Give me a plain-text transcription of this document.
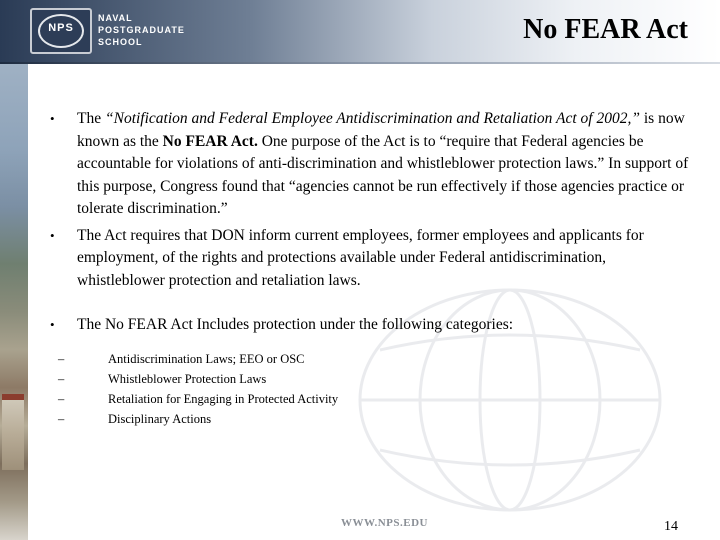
NPS
NAVAL
POSTGRADUATE
SCHOOL	No FEAR Act
• The “Notification and Federal Employee Antidiscrimination and Retaliation Act of 2002,” is now known as the No FEAR Act. One purpose of the Act is to “require that Federal agencies be accountable for violations of anti-discrimination and whistleblower protection laws.” In support of this purpose, Congress found that “agencies cannot be run effectively if those agencies practice or tolerate discrimination.”
• The Act requires that DON inform current employees, former employees and applicants for employment, of the rights and protections available under Federal antidiscrimination, whistleblower protection and retaliation laws.
• The No FEAR Act Includes protection under the following categories:
–	Antidiscrimination Laws; EEO or OSC
–	Whistleblower Protection Laws
–	Retaliation for Engaging in Protected Activity
–	Disciplinary Actions
WWW.NPS.EDU	14
